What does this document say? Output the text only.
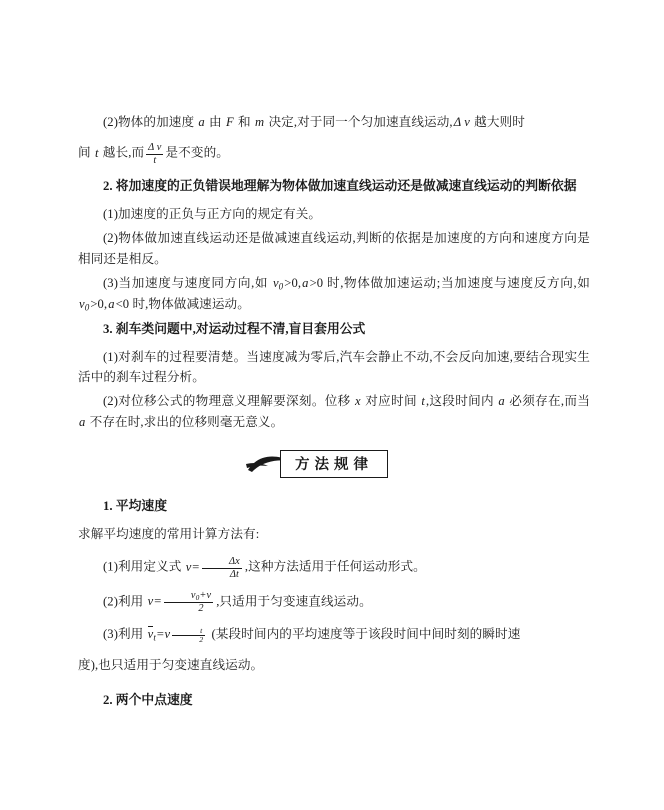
(2)物体的加速度 a 由 F 和 m 决定,对于同一个匀加速直线运动,Δ v 越大则时

间 t 越长,而 $\frac{\text{Δ v}}{t}$ 是不变的。

2. 将加速度的正负错误地理解为物体做加速直线运动还是做减速直线运动的判断依据

(1)加速度的正负与正方向的规定有关。

(2)物体做加速直线运动还是做减速直线运动,判断的依据是加速度的方向和速度方向是相同还是相反。

(3)当加速度与速度同方向,如 v0>0,a>0 时,物体做加速运动;当加速度与速度反方向,如 v0>0,a<0 时,物体做减速运动。

3. 刹车类问题中,对运动过程不清,盲目套用公式

(1)对刹车的过程要清楚。当速度减为零后,汽车会静止不动,不会反向加速,要结合现实生活中的刹车过程分析。

(2)对位移公式的物理意义理解要深刻。位移 x 对应时间 t,这段时间内 a 必须存在,而当 a 不存在时,求出的位移则毫无意义。

方法规律

1. 平均速度

求解平均速度的常用计算方法有:

(1)利用定义式 $v= \frac{\Delta x}{\Delta t}$ ,这种方法适用于任何运动形式。

(2)利用 $v= \frac{v0+v}{2}$ ,只适用于匀变速直线运动。

(3)利用 $vt=v \frac{t}{2}$ (某段时间内的平均速度等于该段时间中间时刻的瞬时速

度),也只适用于匀变速直线运动。

2. 两个中点速度
